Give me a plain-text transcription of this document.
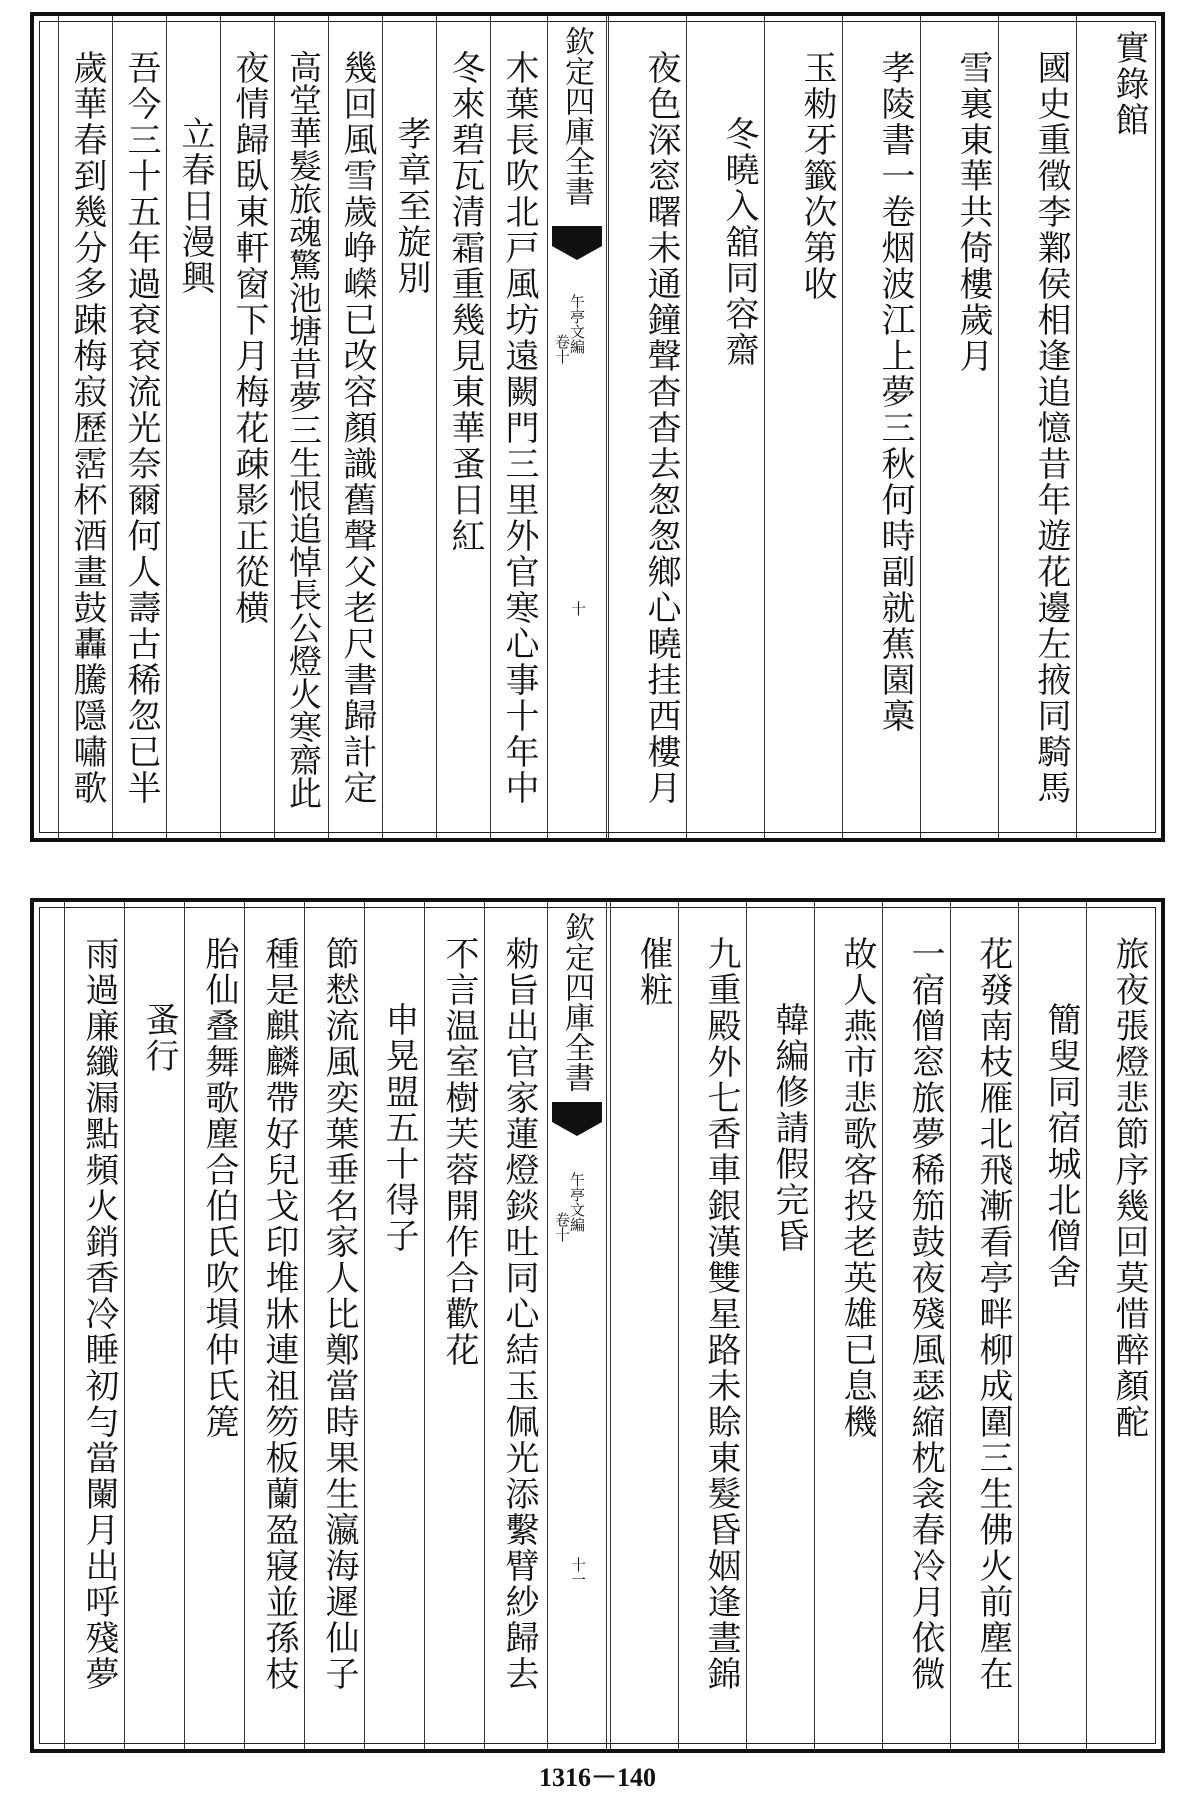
實錄館
國史重徵李鄴侯相逢追憶昔年遊花邊左掖同騎馬
雪裏東華共倚樓歲月
孝陵書一卷烟波江上夢三秋何時副就蕉園槀
玉勑牙籤次第收
冬曉入舘同容齋
夜色深窓曙未通鐘聲杳杳去怱怱鄉心曉挂西樓月
欽定四庫全書
午亭文編
卷十
十
木葉長吹北戸風坊遠闕門三里外官寒心事十年中
冬來碧瓦清霜重幾見東華蚤日紅
孝章至旋別
幾回風雪歲峥嶸已改容顏識舊聲父老尺書歸計定
高堂華髮旅魂驚池塘昔夢三生恨追悼長公燈火寒齋此
夜情歸臥東軒窗下月梅花疎影正從横
立春日漫興
吾今三十五年過袞袞流光奈爾何人壽古稀忽已半
歲華春到幾分多踈梅寂歷霑杯酒畫鼓轟騰隱嘯歌
旅夜張燈悲節序幾回莫惜醉顏酡
簡叟同宿城北僧舍
花發南枝雁北飛漸看亭畔柳成圍三生佛火前塵在
一宿僧窓旅夢稀笳鼓夜殘風瑟縮枕衾春冷月依微
故人燕市悲歌客投老英雄已息機
韓編修請假完昏
九重殿外七香車銀漢雙星路未賒東髮昏姻逢晝錦
催粧
欽定四庫全書
午亭文編
卷十
十一
勑旨出官家蓮燈錟吐同心結玉佩光添繫臂紗歸去
不言温室樹芙蓉開作合歡花
申晃盟五十得子
節慭流風奕葉垂名家人比鄭當時果生瀛海遲仙子
種是麒麟帶好兒戈印堆牀連祖笏板蘭盈寢並孫枝
胎仙叠舞歌塵合伯氏吹塤仲氏箎
蚤行
雨過廉纖漏點頻火銷香冷睡初勻當闌月出呼殘夢
1316－140
